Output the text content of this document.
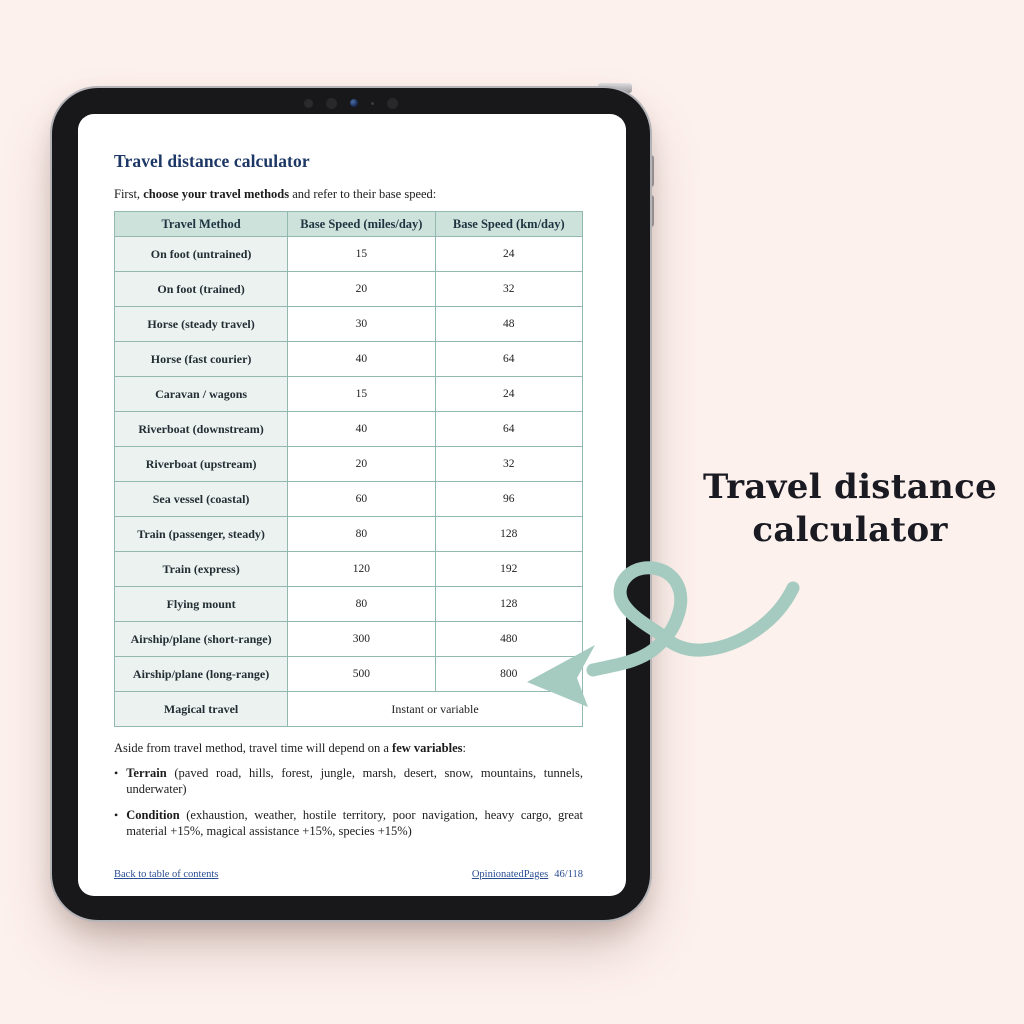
Travel distance calculator
First, choose your travel methods and refer to their base speed:
Travel Method	Base Speed (miles/day)	Base Speed (km/day)
On foot (untrained)	15	24
On foot (trained)	20	32
Horse (steady travel)	30	48
Horse (fast courier)	40	64
Caravan / wagons	15	24
Riverboat (downstream)	40	64
Riverboat (upstream)	20	32
Sea vessel (coastal)	60	96
Train (passenger, steady)	80	128
Train (express)	120	192
Flying mount	80	128
Airship/plane (short-range)	300	480
Airship/plane (long-range)	500	800
Magical travel	Instant or variable	
Aside from travel method, travel time will depend on a few variables:
• Terrain (paved road, hills, forest, jungle, marsh, desert, snow, mountains, tunnels, underwater)
• Condition (exhaustion, weather, hostile territory, poor navigation, heavy cargo, great material +15%, magical assistance +15%, species +15%)
Back to table of contents	OpinionatedPages 46/118
Travel distance
calculator
